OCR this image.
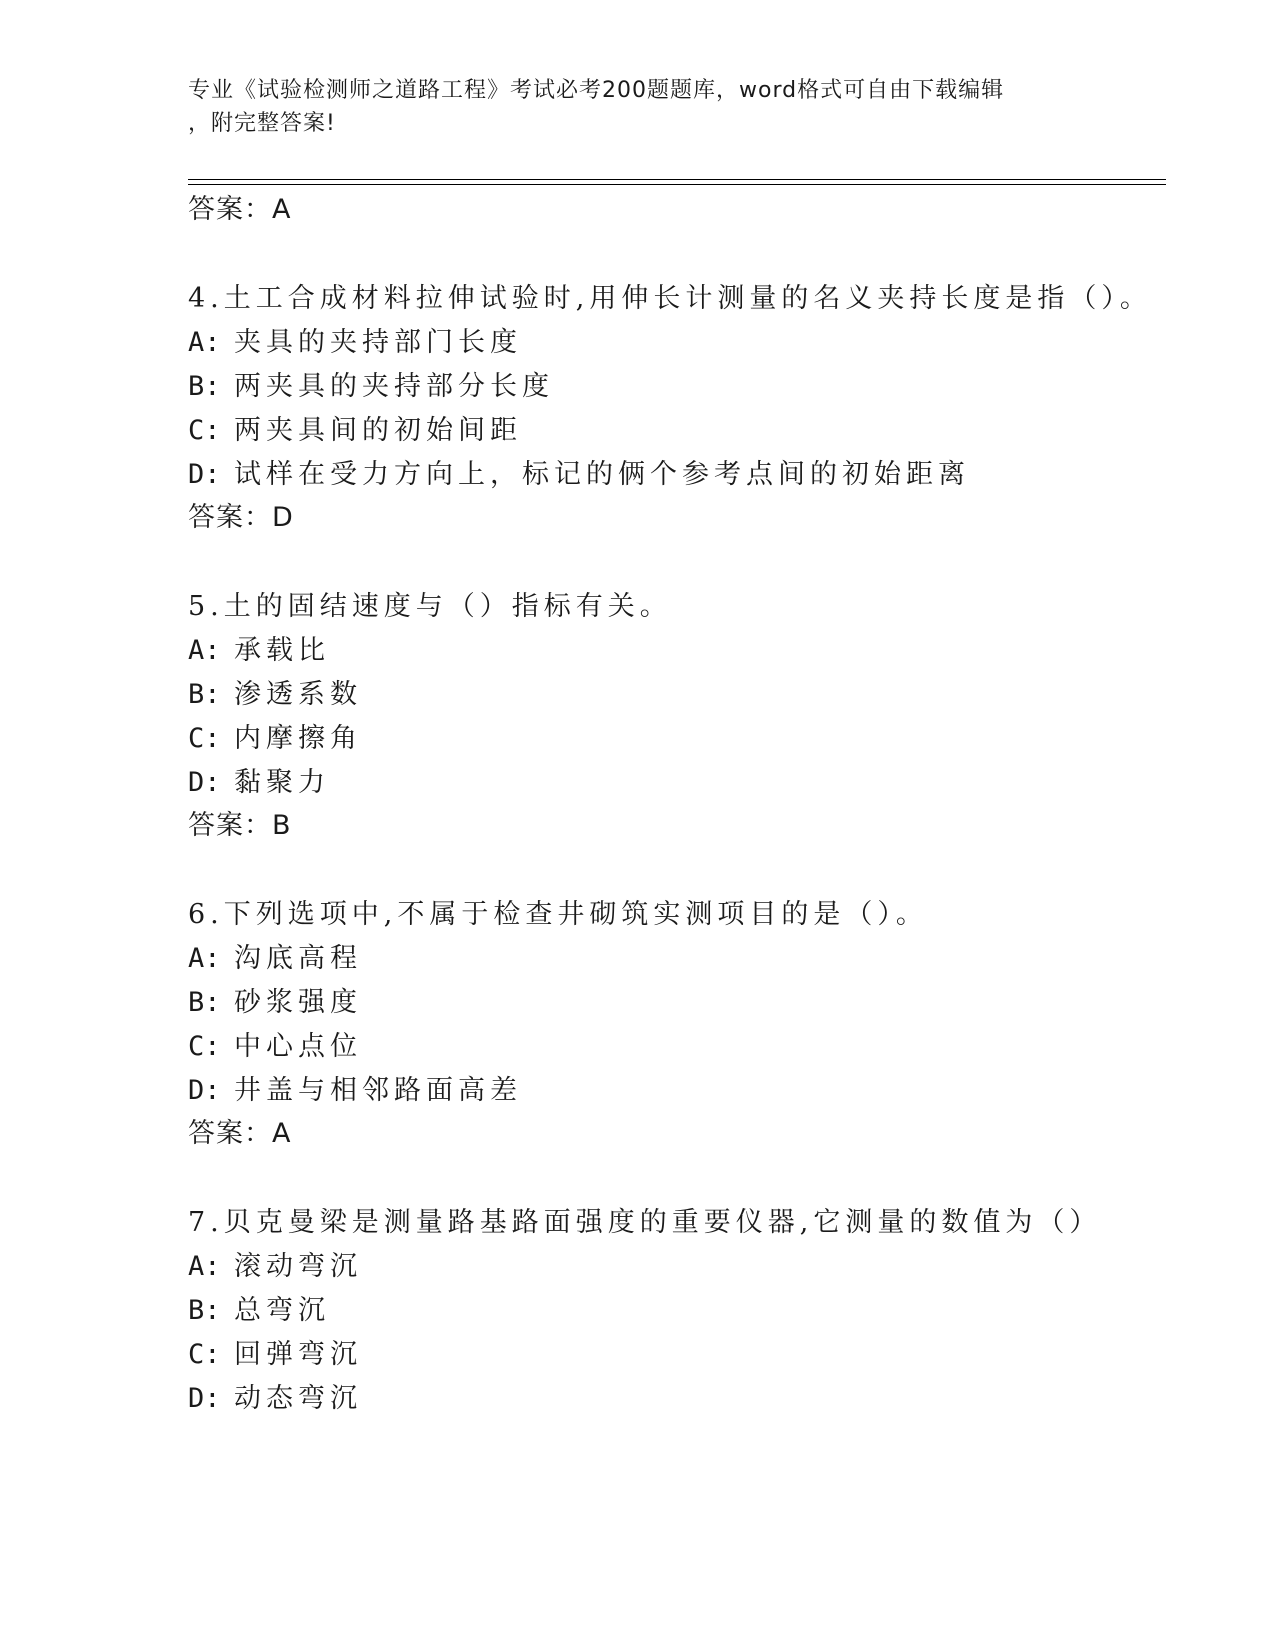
专业《试验检测师之道路工程》考试必考200题题库，word格式可自由下载编辑
，附完整答案!
答案：A
4.土工合成材料拉伸试验时,用伸长计测量的名义夹持长度是指（）。
A: 夹具的夹持部门长度
B: 两夹具的夹持部分长度
C: 两夹具间的初始间距
D: 试样在受力方向上，标记的俩个参考点间的初始距离
答案：D
5.土的固结速度与（）指标有关。
A: 承载比
B: 渗透系数
C: 内摩擦角
D: 黏聚力
答案：B
6.下列选项中,不属于检查井砌筑实测项目的是（）。
A: 沟底高程
B: 砂浆强度
C: 中心点位
D: 井盖与相邻路面高差
答案：A
7.贝克曼梁是测量路基路面强度的重要仪器,它测量的数值为（）
A: 滚动弯沉
B: 总弯沉
C: 回弹弯沉
D: 动态弯沉
